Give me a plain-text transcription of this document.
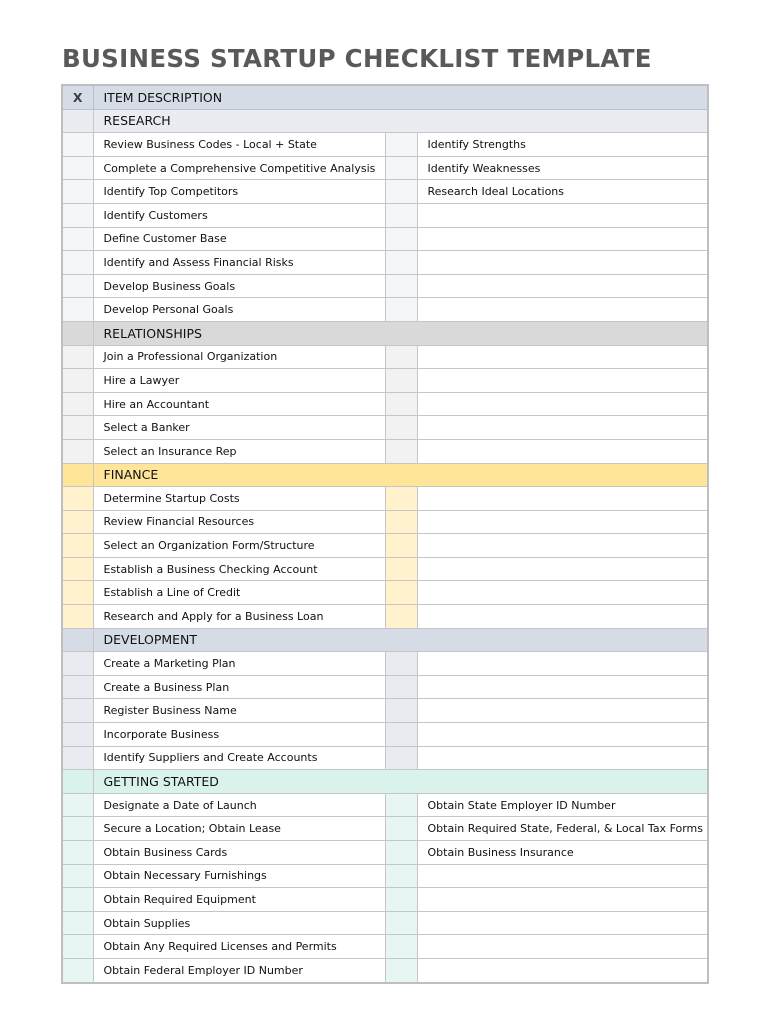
BUSINESS STARTUP CHECKLIST TEMPLATE
X	ITEM DESCRIPTION		
	RESEARCH		
	Review Business Codes - Local + State		Identify Strengths
	Complete a Comprehensive Competitive Analysis		Identify Weaknesses
	Identify Top Competitors		Research Ideal Locations
	Identify Customers		
	Define Customer Base		
	Identify and Assess Financial Risks		
	Develop Business Goals		
	Develop Personal Goals		
	RELATIONSHIPS		
	Join a Professional Organization		
	Hire a Lawyer		
	Hire an Accountant		
	Select a Banker		
	Select an Insurance Rep		
	FINANCE		
	Determine Startup Costs		
	Review Financial Resources		
	Select an Organization Form/Structure		
	Establish a Business Checking Account		
	Establish a Line of Credit		
	Research and Apply for a Business Loan		
	DEVELOPMENT		
	Create a Marketing Plan		
	Create a Business Plan		
	Register Business Name		
	Incorporate Business		
	Identify Suppliers and Create Accounts		
	GETTING STARTED		
	Designate a Date of Launch		Obtain State Employer ID Number
	Secure a Location; Obtain Lease		Obtain Required State, Federal, & Local Tax Forms
	Obtain Business Cards		Obtain Business Insurance
	Obtain Necessary Furnishings		
	Obtain Required Equipment		
	Obtain Supplies		
	Obtain Any Required Licenses and Permits		
	Obtain Federal Employer ID Number		
